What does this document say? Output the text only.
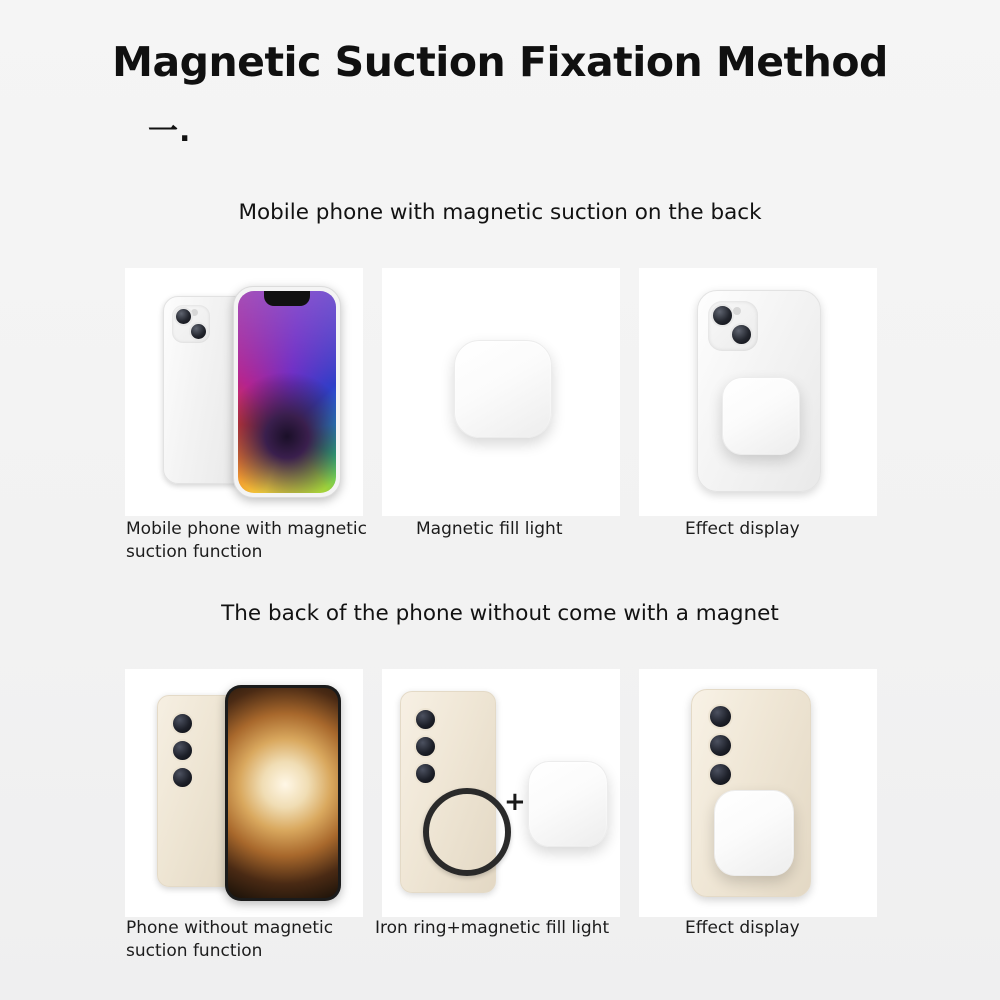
Magnetic Suction Fixation Method
一.
Mobile phone with magnetic suction on the back
Mobile phone with magnetic suction function
Magnetic fill light	Effect display
The back of the phone without come with a magnet
+
Phone without magnetic suction function
Iron ring+magnetic fill light	Effect display
